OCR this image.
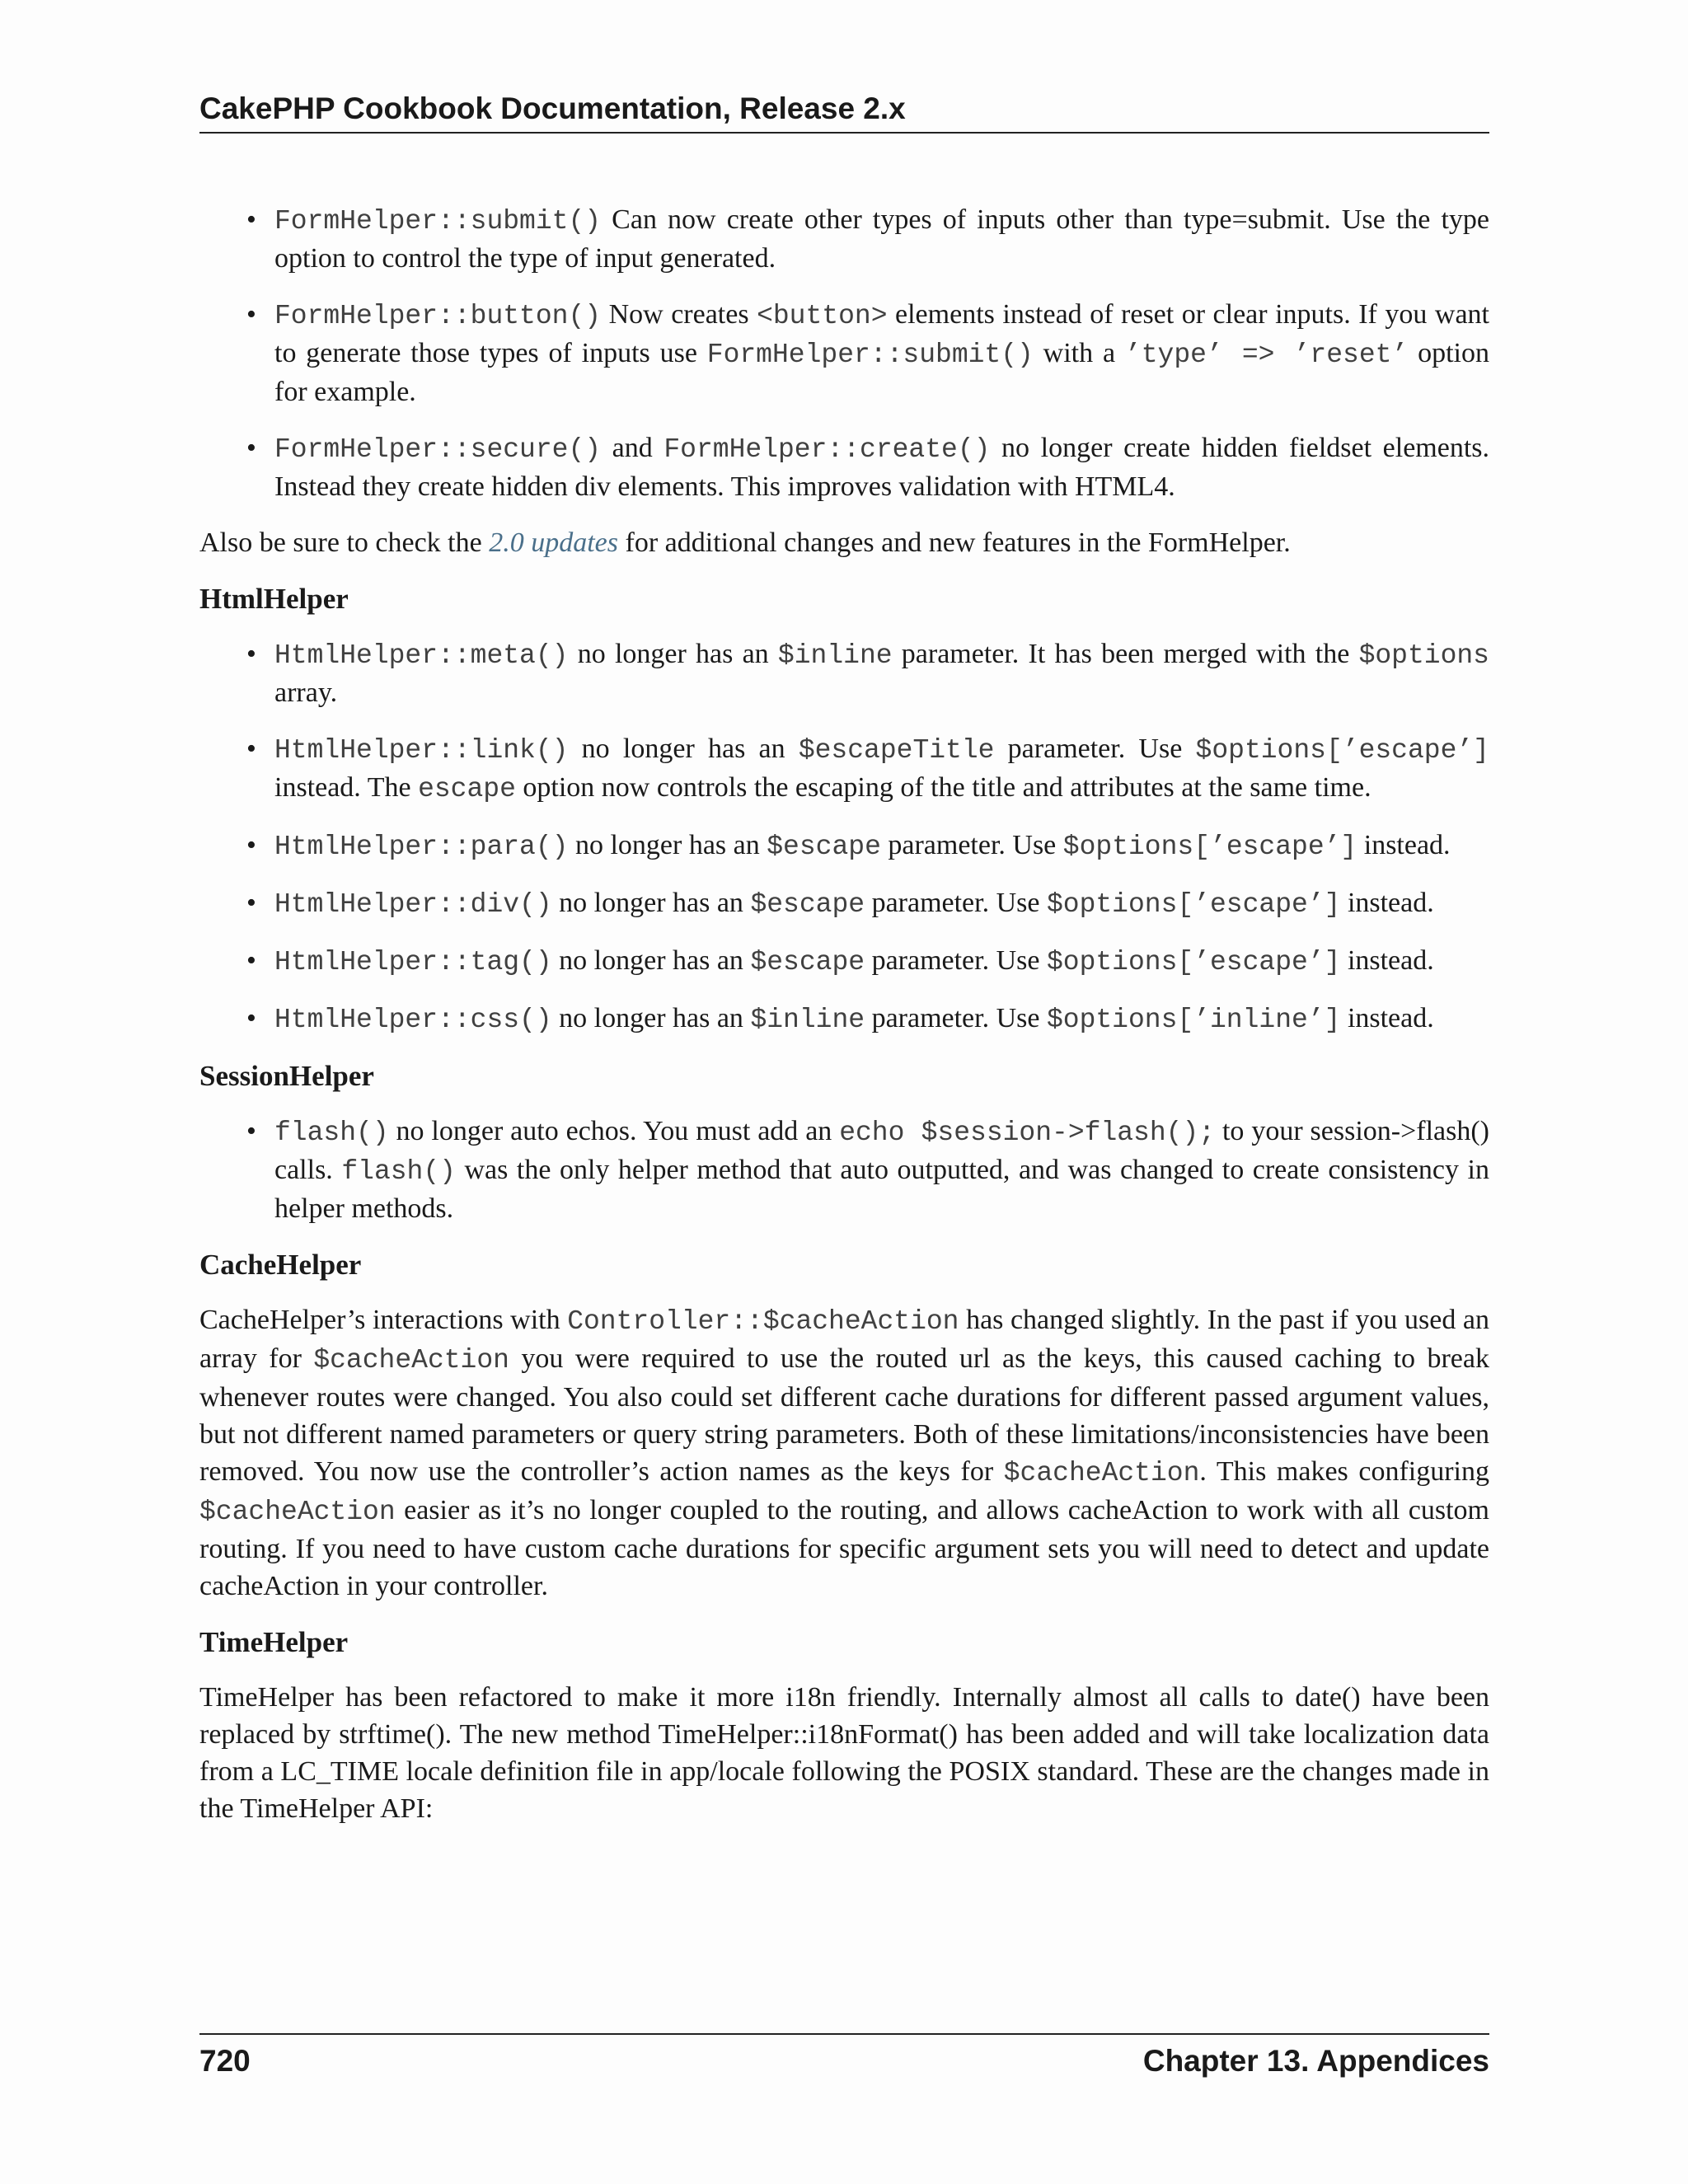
CakePHP Cookbook Documentation, Release 2.x
• FormHelper::submit() Can now create other types of inputs other than type=submit. Use the type option to control the type of input generated.
• FormHelper::button() Now creates <button> elements instead of reset or clear inputs. If you want to generate those types of inputs use FormHelper::submit() with a ’type’ => ’reset’ option for example.
• FormHelper::secure() and FormHelper::create() no longer create hidden fieldset elements. Instead they create hidden div elements. This improves validation with HTML4.

Also be sure to check the 2.0 updates for additional changes and new features in the FormHelper.

HtmlHelper
• HtmlHelper::meta() no longer has an $inline parameter. It has been merged with the $options array.
• HtmlHelper::link() no longer has an $escapeTitle parameter. Use $options[’escape’] instead. The escape option now controls the escaping of the title and attributes at the same time.
• HtmlHelper::para() no longer has an $escape parameter. Use $options[’escape’] instead.
• HtmlHelper::div() no longer has an $escape parameter. Use $options[’escape’] instead.
• HtmlHelper::tag() no longer has an $escape parameter. Use $options[’escape’] instead.
• HtmlHelper::css() no longer has an $inline parameter. Use $options[’inline’] instead.
SessionHelper
• flash() no longer auto echos. You must add an echo $session->flash(); to your session->flash() calls. flash() was the only helper method that auto outputted, and was changed to create consistency in helper methods.
CacheHelper

CacheHelper’s interactions with Controller::$cacheAction has changed slightly. In the past if you used an array for $cacheAction you were required to use the routed url as the keys, this caused caching to break whenever routes were changed. You also could set different cache durations for different passed argument values, but not different named parameters or query string parameters. Both of these limitations/inconsistencies have been removed. You now use the controller’s action names as the keys for $cacheAction. This makes configuring $cacheAction easier as it’s no longer coupled to the routing, and allows cacheAction to work with all custom routing. If you need to have custom cache durations for specific argument sets you will need to detect and update cacheAction in your controller.

TimeHelper

TimeHelper has been refactored to make it more i18n friendly. Internally almost all calls to date() have been replaced by strftime(). The new method TimeHelper::i18nFormat() has been added and will take localization data from a LC_TIME locale definition file in app/locale following the POSIX standard. These are the changes made in the TimeHelper API:

720	Chapter 13. Appendices
